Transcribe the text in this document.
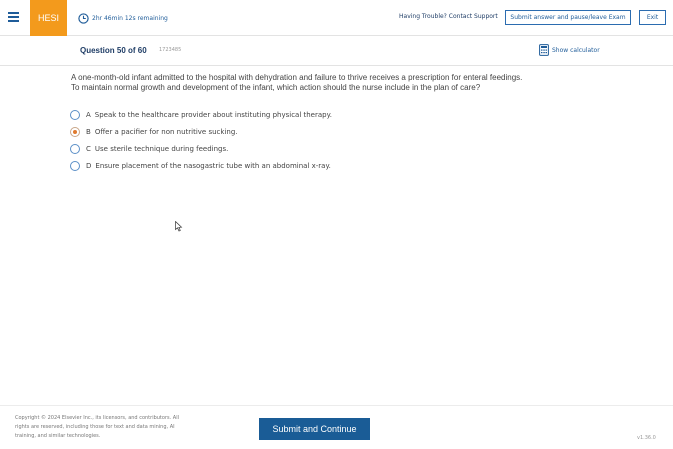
HESI	2hr 46min 12s remaining	Having Trouble? Contact Support	Submit answer and pause/leave Exam	Exit
Question 50 of 60 1723485	Show calculator
A one-month-old infant admitted to the hospital with dehydration and failure to thrive receives a prescription for enteral feedings.
To maintain normal growth and development of the infant, which action should the nurse include in the plan of care?
A Speak to the healthcare provider about instituting physical therapy.
B Offer a pacifier for non nutritive sucking.
C Use sterile technique during feedings.
D Ensure placement of the nasogastric tube with an abdominal x-ray.
Copyright © 2024 Elsevier Inc., its licensors, and contributors. All rights are reserved, including those for text and data mining, AI training, and similar technologies.
Submit and Continue
v1.36.0
